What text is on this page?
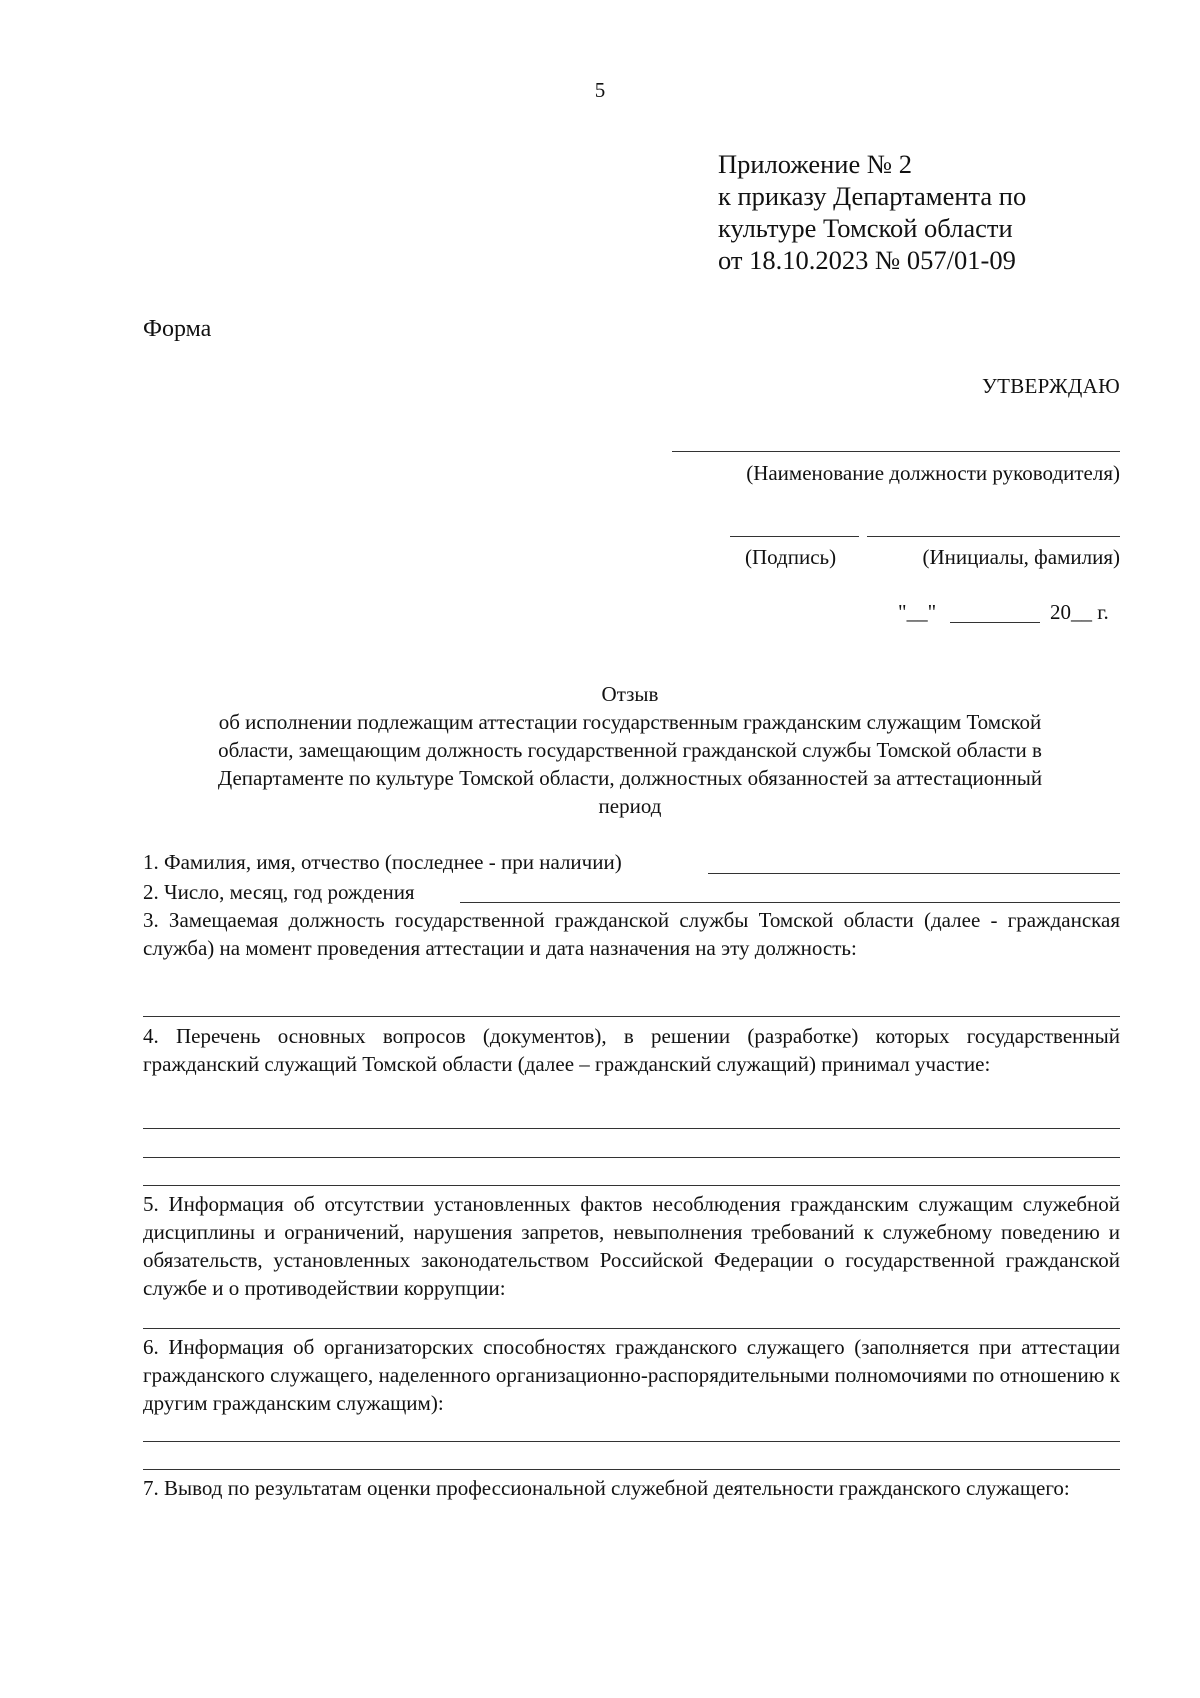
5
Приложение № 2
к приказу Департамента по
культуре Томской области
от 18.10.2023 № 057/01-09
Форма
УТВЕРЖДАЮ
(Наименование должности руководителя)
(Подпись)	(Инициалы, фамилия)
"__"	20__ г.
Отзыв
об исполнении подлежащим аттестации государственным гражданским служащим Томской
области, замещающим должность государственной гражданской службы Томской области в
Департаменте по культуре Томской области, должностных обязанностей за аттестационный
период
1. Фамилия, имя, отчество (последнее - при наличии)
2. Число, месяц, год рождения
3. Замещаемая должность государственной гражданской службы Томской области (далее - гражданская служба) на момент проведения аттестации и дата назначения на эту должность:
4. Перечень основных вопросов (документов), в решении (разработке) которых государственный гражданский служащий Томской области (далее – гражданский служащий) принимал участие:
5. Информация об отсутствии установленных фактов несоблюдения гражданским служащим служебной дисциплины и ограничений, нарушения запретов, невыполнения требований к служебному поведению и обязательств, установленных законодательством Российской Федерации о государственной гражданской службе и о противодействии коррупции:
6. Информация об организаторских способностях гражданского служащего (заполняется при аттестации гражданского служащего, наделенного организационно-распорядительными полномочиями по отношению к другим гражданским служащим):
7. Вывод по результатам оценки профессиональной служебной деятельности гражданского служащего:
